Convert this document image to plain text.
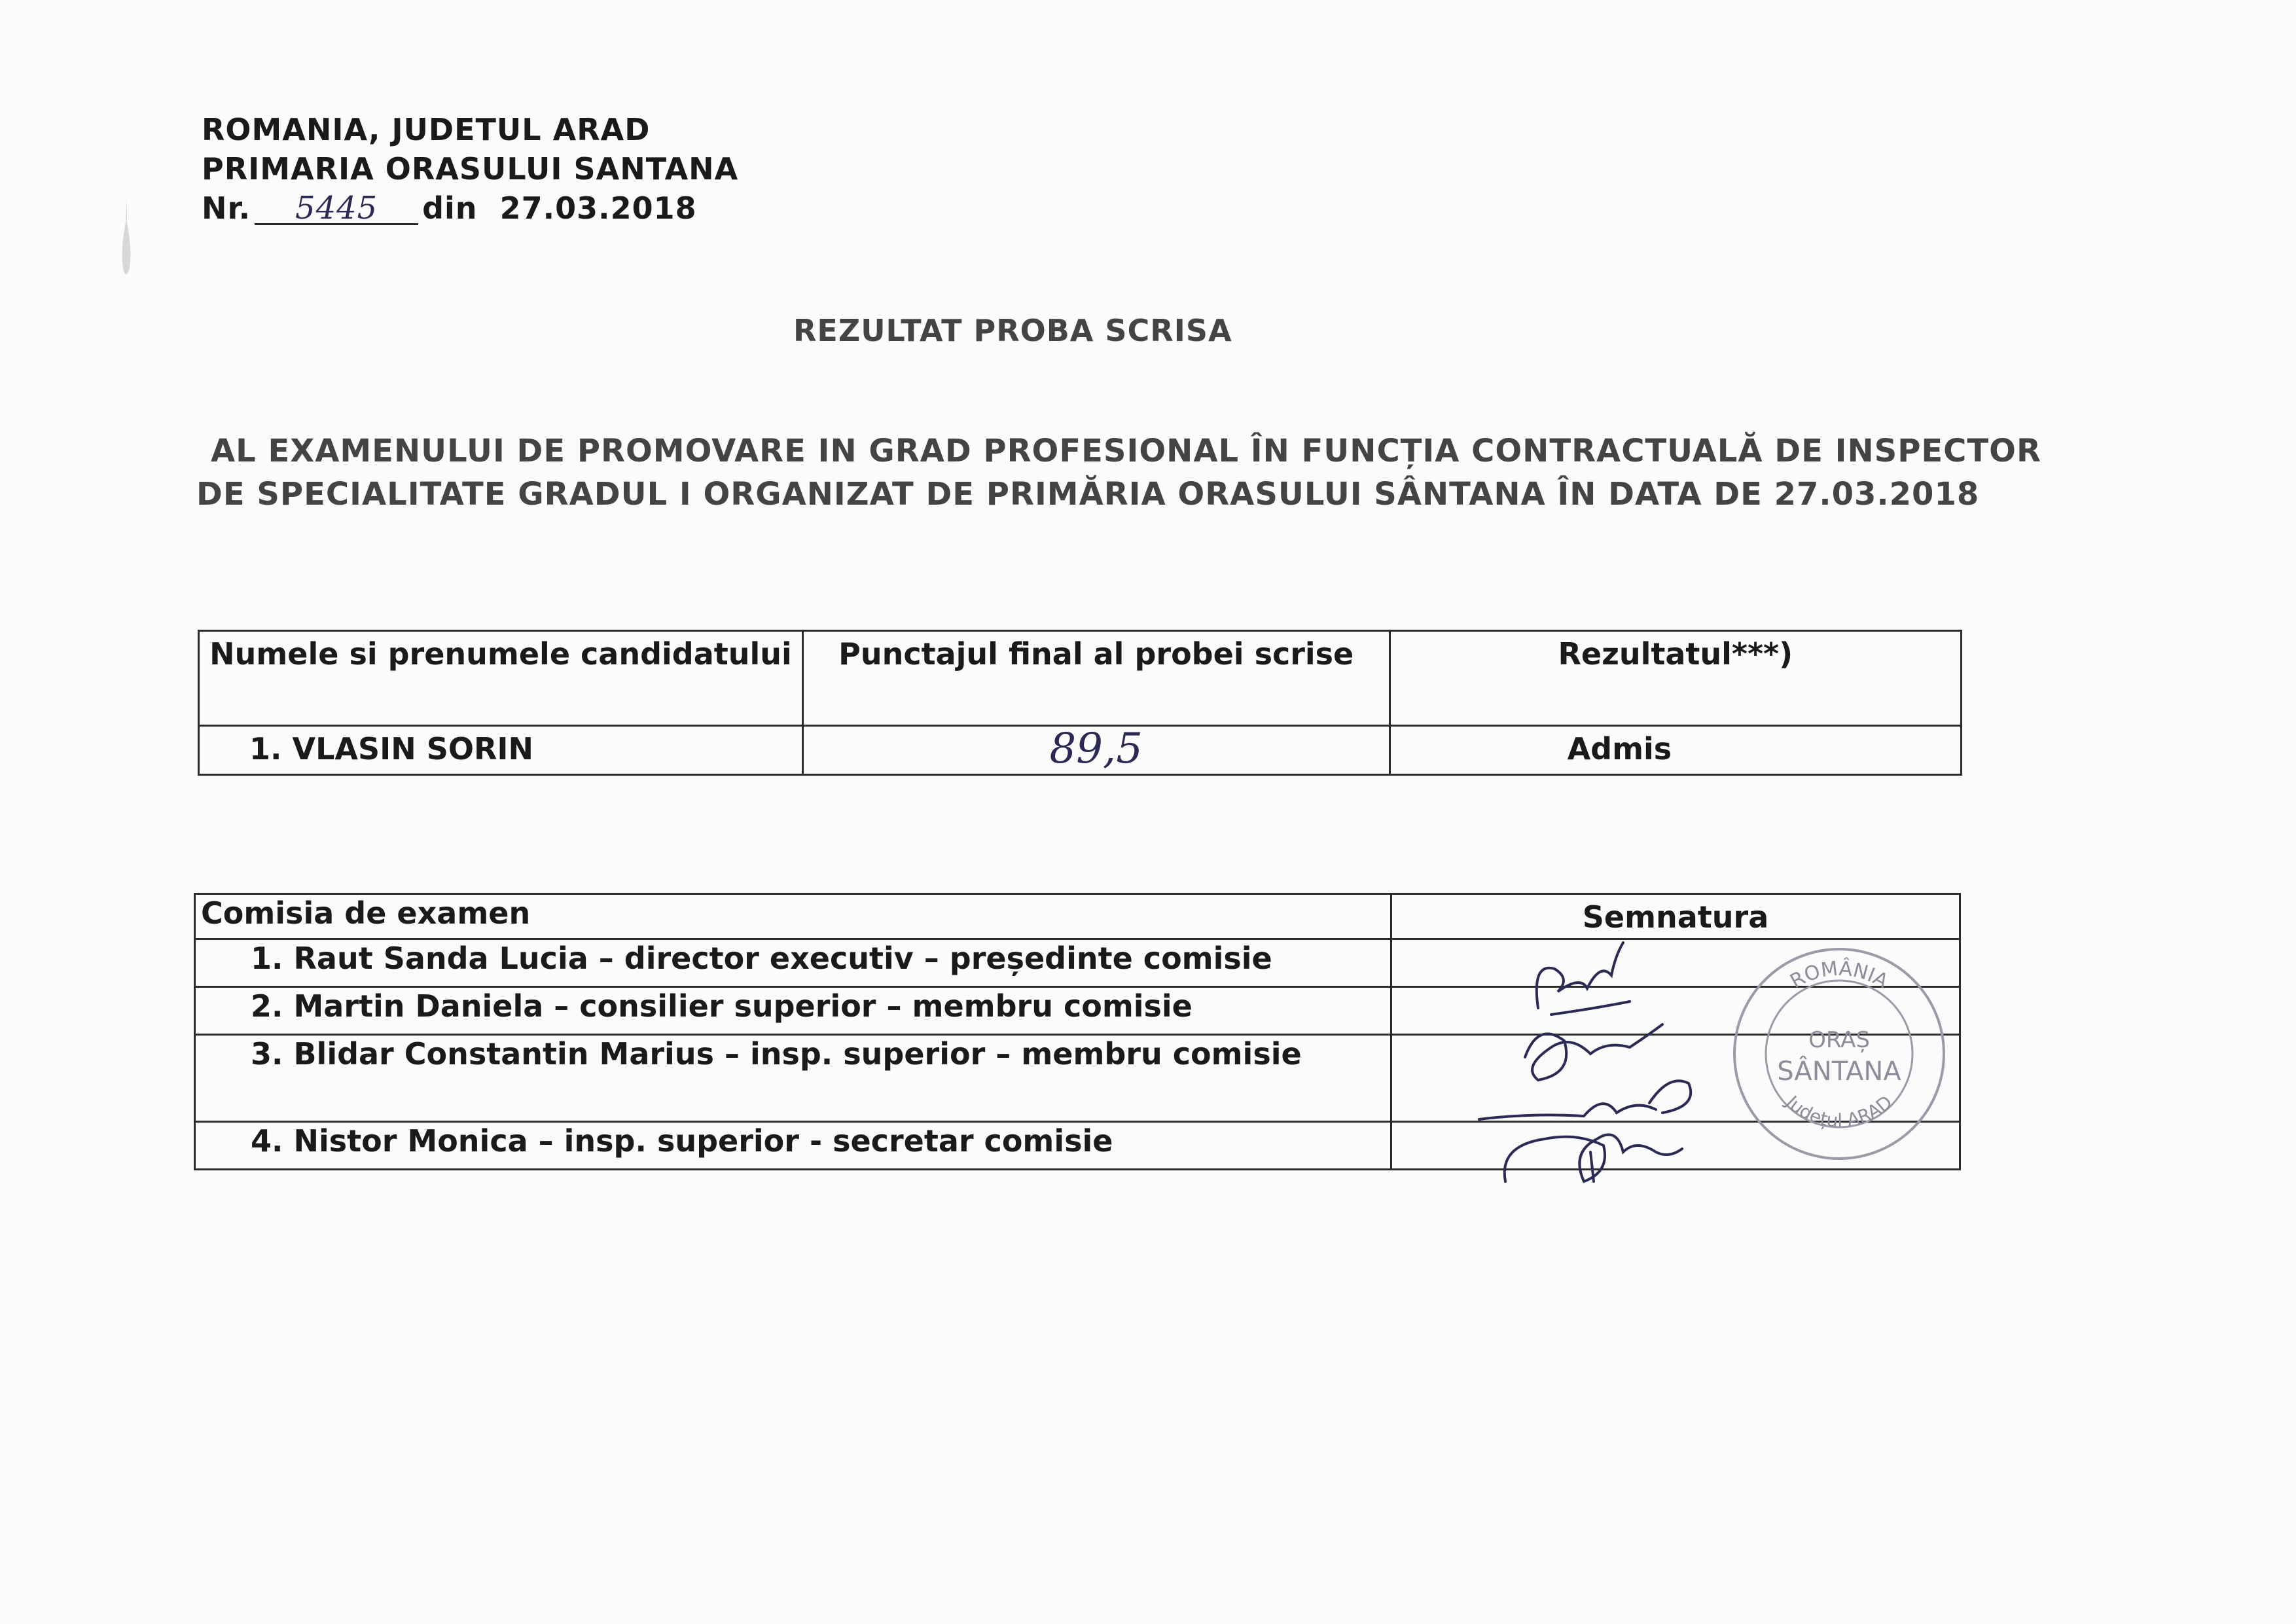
ROMANIA, JUDETUL ARAD
PRIMARIA ORASULUI SANTANA
Nr. 5445 din 27.03.2018
REZULTAT PROBA SCRISA
AL EXAMENULUI DE PROMOVARE IN GRAD PROFESIONAL ÎN FUNCȚIA CONTRACTUALĂ DE INSPECTOR
DE SPECIALITATE GRADUL I ORGANIZAT DE PRIMĂRIA ORASULUI SÂNTANA ÎN DATA DE 27.03.2018
Numele si prenumele candidatului	Punctajul final al probei scrise	Rezultatul***)
1. VLASIN SORIN	89,5	Admis
Comisia de examen	Semnatura
1. Raut Sanda Lucia – director executiv – președinte comisie	
2. Martin Daniela – consilier superior – membru comisie	
3. Blidar Constantin Marius – insp. superior – membru comisie	
4. Nistor Monica – insp. superior - secretar comisie	
ROMÂNIA
ORAȘ
SÂNTANA
Județul ARAD
